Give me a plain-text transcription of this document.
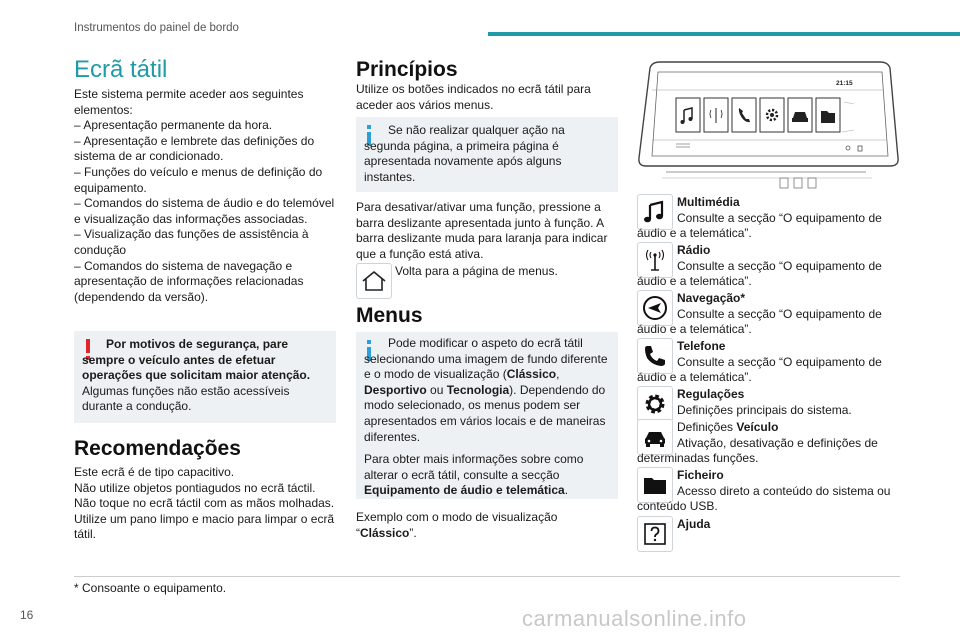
Instrumentos do painel de bordo
Ecrã tátil

Este sistema permite aceder aos seguintes elementos:

– Apresentação permanente da hora.

– Apresentação e lembrete das definições do sistema de ar condicionado.

– Funções do veículo e menus de definição do equipamento.

– Comandos do sistema de áudio e do telemóvel e visualização das informações associadas.

– Visualização das funções de assistência à condução

– Comandos do sistema de navegação e apresentação de informações relacionadas (dependendo da versão).

Por motivos de segurança, pare sempre o veículo antes de efetuar operações que solicitam maior atenção. Algumas funções não estão acessíveis durante a condução.
Recomendações

Este ecrã é de tipo capacitivo.

Não utilize objetos pontiagudos no ecrã táctil.

Não toque no ecrã táctil com as mãos molhadas.

Utilize um pano limpo e macio para limpar o ecrã tátil.

Princípios
Utilize os botões indicados no ecrã tátil para aceder aos vários menus.
Se não realizar qualquer ação na segunda página, a primeira página é apresentada novamente após alguns instantes.
Para desativar/ativar uma função, pressione a barra deslizante apresentada junto à função. A barra deslizante muda para laranja para indicar que a função está ativa.
Volta para a página de menus.
Menus
Pode modificar o aspeto do ecrã tátil selecionando uma imagem de fundo diferente e o modo de visualização (Clássico, Desportivo ou Tecnologia). Dependendo do modo selecionado, os menus podem ser apresentados em vários locais e de maneiras diferentes.
Para obter mais informações sobre como alterar o ecrã tátil, consulte a secção Equipamento de áudio e telemática.
Exemplo com o modo de visualização “Clássico”.
21:15
Multimédia
Consulte a secção “O equipamento de áudio e a telemática”.
Rádio
Consulte a secção “O equipamento de áudio e a telemática”.
Navegação*
Consulte a secção “O equipamento de áudio e a telemática”.
Telefone
Consulte a secção “O equipamento de áudio e a telemática”.
Regulações
Definições principais do sistema.
Definições Veículo
Ativação, desativação e definições de determinadas funções.
Ficheiro
Acesso direto a conteúdo do sistema ou conteúdo USB.
Ajuda
* Consoante o equipamento.
16	carmanualsonline.info
